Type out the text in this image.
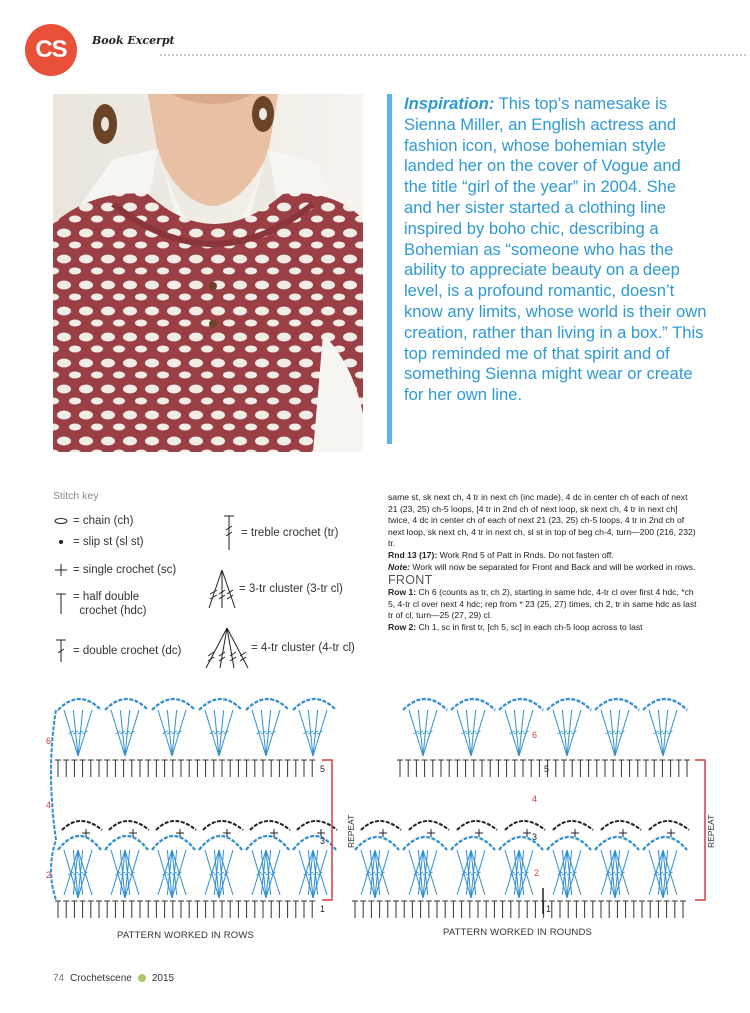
CS	Book Excerpt
Inspiration: This top’s namesake is Sienna Miller, an English actress and fashion icon, whose bohemian style landed her on the cover of Vogue and the title “girl of the year” in 2004. She and her sister started a clothing line inspired by boho chic, describing a Bohemian as “someone who has the ability to appreciate beauty on a deep level, is a profound romantic, doesn’t know any limits, whose world is their own creation, rather than living in a box.” This top reminded me of that spirit and of something Sienna might wear or create for her own line.
Stitch key
= chain (ch)
= slip st (sl st)
= single crochet (sc)
= half double
crochet (hdc)
= double crochet (dc)
= treble crochet (tr)
= 3-tr cluster (3-tr cl)
= 4-tr cluster (4-tr cl)

same st, sk next ch, 4 tr in next ch (inc made), 4 dc in center ch of each of next 21 (23, 25) ch-5 loops, [4 tr in 2nd ch of next loop, sk next ch, 4 tr in next ch] twice, 4 dc in center ch of each of next 21 (23, 25) ch-5 loops, 4 tr in 2nd ch of next loop, sk next ch, 4 tr in next ch, sl st in top of beg ch-4, turn—200 (216, 232) tr.

Rnd 13 (17): Work Rnd 5 of Patt in Rnds. Do not fasten off.

Note: Work will now be separated for Front and Back and will be worked in rows.

FRONT

Row 1: Ch 6 (counts as tr, ch 2), starting in same hdc, 4-tr cl over first 4 hdc, *ch 5, 4-tr cl over next 4 hdc; rep from * 23 (25, 27) times, ch 2, tr in same hdc as last tr of cl, turn—25 (27, 29) cl.

Row 2: Ch 1, sc in first tr, [ch 5, sc] in each ch-5 loop across to last

6
4
2
5
3
1
REPEAT
6
5
4
3
2
1
REPEAT
PATTERN WORKED IN ROWS	PATTERN WORKED IN ROUNDS
74 Crochetscene 2015
